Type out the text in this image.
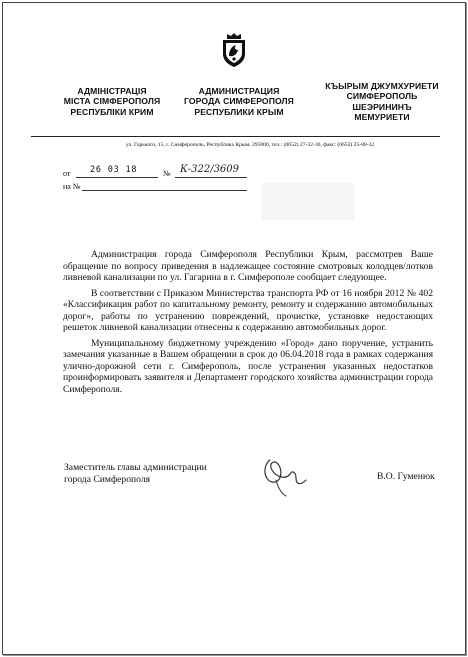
АДМІНІСТРАЦІЯ
МІСТА СІМФЕРОПОЛЯ
РЕСПУБЛІКИ КРИМ
АДМИНИСТРАЦИЯ
ГОРОДА СИМФЕРОПОЛЯ
РЕСПУБЛИКИ КРЫМ
КЪЫРЫМ ДЖУМХУРИЕТИ
СИМФЕРОПОЛЬ
ШЕЭРИНИНЪ
МЕМУРИЕТИ
ул. Горького, 15, г. Симферополь, Республика Крым, 295000, тел.: (0652) 27-32-36, факс: (0652) 25-80-32
от 26 03 18	№ К-322/3609
на №

Администрация города Симферополя Республики Крым, рассмотрев Ваше обращение по вопросу приведения в надлежащее состояние смотровых колодцев/лотков ливневой канализации по ул. Гагарина в г. Симферополе сообщает следующее.

В соответствии с Приказом Министерства транспорта РФ от 16 ноября 2012 № 402 «Классификация работ по капитальному ремонту, ремонту и содержанию автомобильных дорог», работы по устранению повреждений, прочистке, установке недостающих решеток ливневой канализации отнесены к содержанию автомобильных дорог.

Муниципальному бюджетному учреждению «Город» дано поручение, устранить замечания указанные в Вашем обращении в срок до 06.04.2018 года в рамках содержания улично-дорожной сети г. Симферополь, после устранения указанных недостатков проинформировать заявителя и Департамент городского хозяйства администрации города Симферополя.

Заместитель главы администрации
города Симферополя	В.О. Гуменюк
